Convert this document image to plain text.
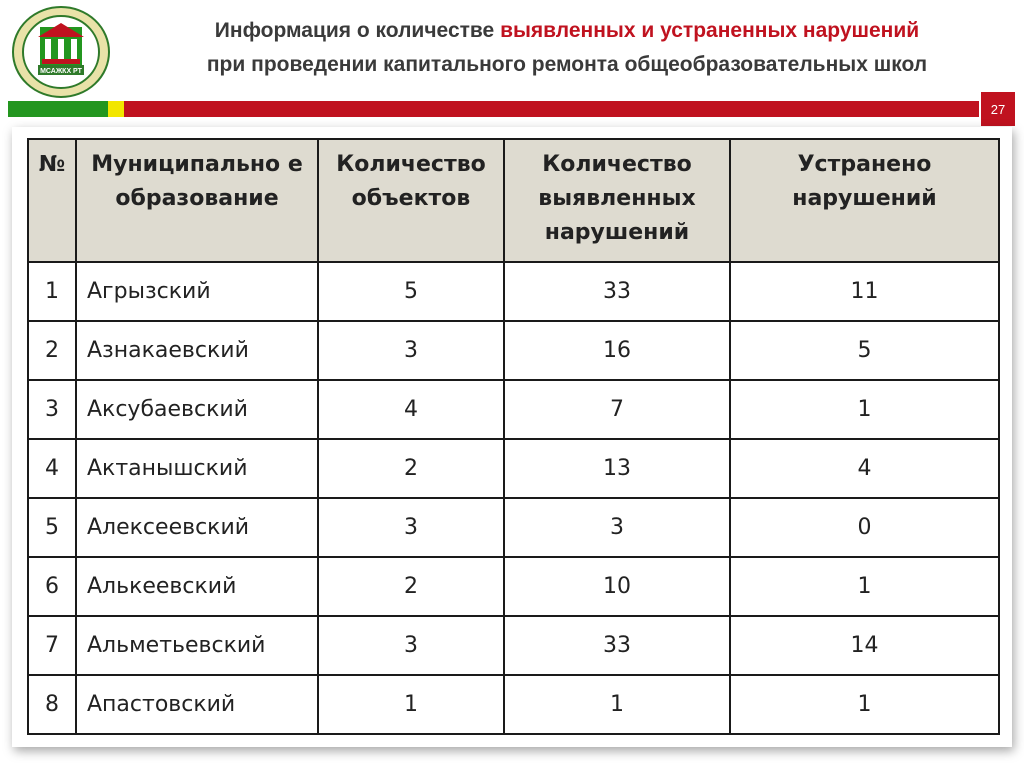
МСАЖКХ РТ
Информация о количестве выявленных и устраненных нарушений
при проведении капитального ремонта общеобразовательных школ
27
№	Муниципально е образование	Количество объектов	Количество выявленных нарушений	Устранено нарушений
1	Агрызский	5	33	11
2	Азнакаевский	3	16	5
3	Аксубаевский	4	7	1
4	Актанышский	2	13	4
5	Алексеевский	3	3	0
6	Алькеевский	2	10	1
7	Альметьевский	3	33	14
8	Апастовский	1	1	1
